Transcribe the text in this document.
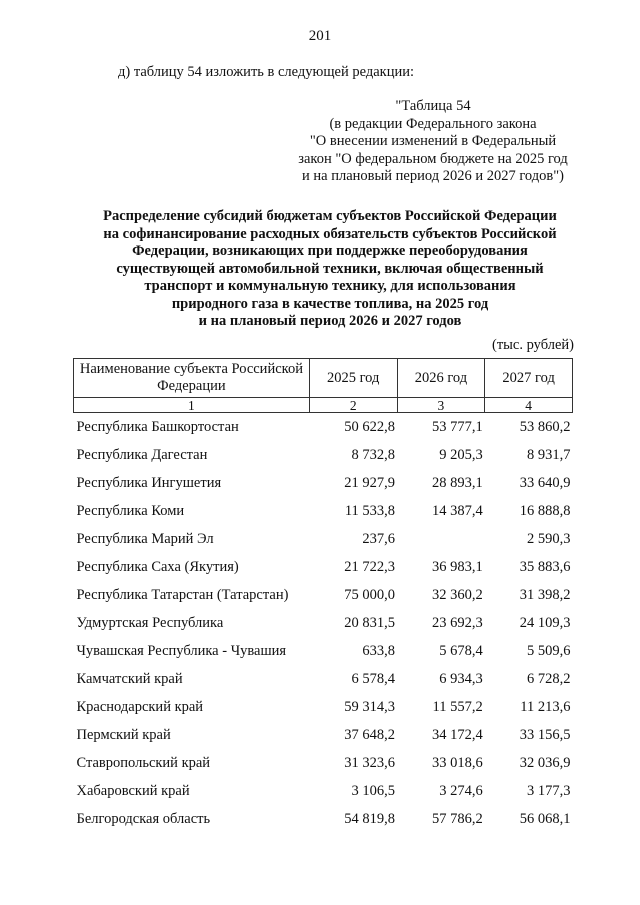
201
д) таблицу 54 изложить в следующей редакции:
"Таблица 54
(в редакции Федерального закона
"О внесении изменений в Федеральный
закон "О федеральном бюджете на 2025 год
и на плановый период 2026 и 2027 годов")
Распределение субсидий бюджетам субъектов Российской Федерации
на софинансирование расходных обязательств субъектов Российской
Федерации, возникающих при поддержке переоборудования
существующей автомобильной техники, включая общественный
транспорт и коммунальную технику, для использования
природного газа в качестве топлива, на 2025 год
и на плановый период 2026 и 2027 годов
(тыс. рублей)
Наименование субъекта Российской Федерации	2025 год	2026 год	2027 год
1	2	3	4
Республика Башкортостан	50 622,8	53 777,1	53 860,2
Республика Дагестан	8 732,8	9 205,3	8 931,7
Республика Ингушетия	21 927,9	28 893,1	33 640,9
Республика Коми	11 533,8	14 387,4	16 888,8
Республика Марий Эл	237,6		2 590,3
Республика Саха (Якутия)	21 722,3	36 983,1	35 883,6
Республика Татарстан (Татарстан)	75 000,0	32 360,2	31 398,2
Удмуртская Республика	20 831,5	23 692,3	24 109,3
Чувашская Республика - Чувашия	633,8	5 678,4	5 509,6
Камчатский край	6 578,4	6 934,3	6 728,2
Краснодарский край	59 314,3	11 557,2	11 213,6
Пермский край	37 648,2	34 172,4	33 156,5
Ставропольский край	31 323,6	33 018,6	32 036,9
Хабаровский край	3 106,5	3 274,6	3 177,3
Белгородская область	54 819,8	57 786,2	56 068,1
